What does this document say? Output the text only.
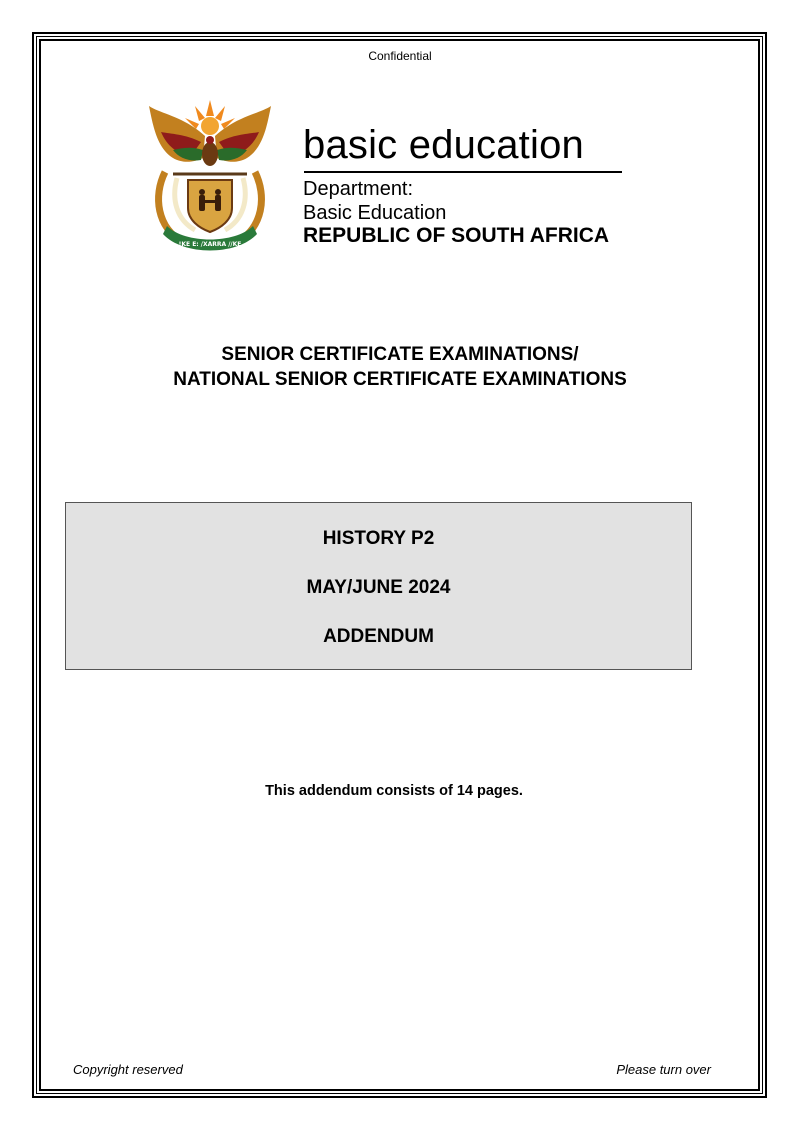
Confidential
!KE E: /XARRA //KE
basic education
Department:
Basic Education
REPUBLIC OF SOUTH AFRICA
SENIOR CERTIFICATE EXAMINATIONS/
NATIONAL SENIOR CERTIFICATE EXAMINATIONS
HISTORY P2
MAY/JUNE 2024
ADDENDUM
This addendum consists of 14 pages.
Copyright reserved	Please turn over
